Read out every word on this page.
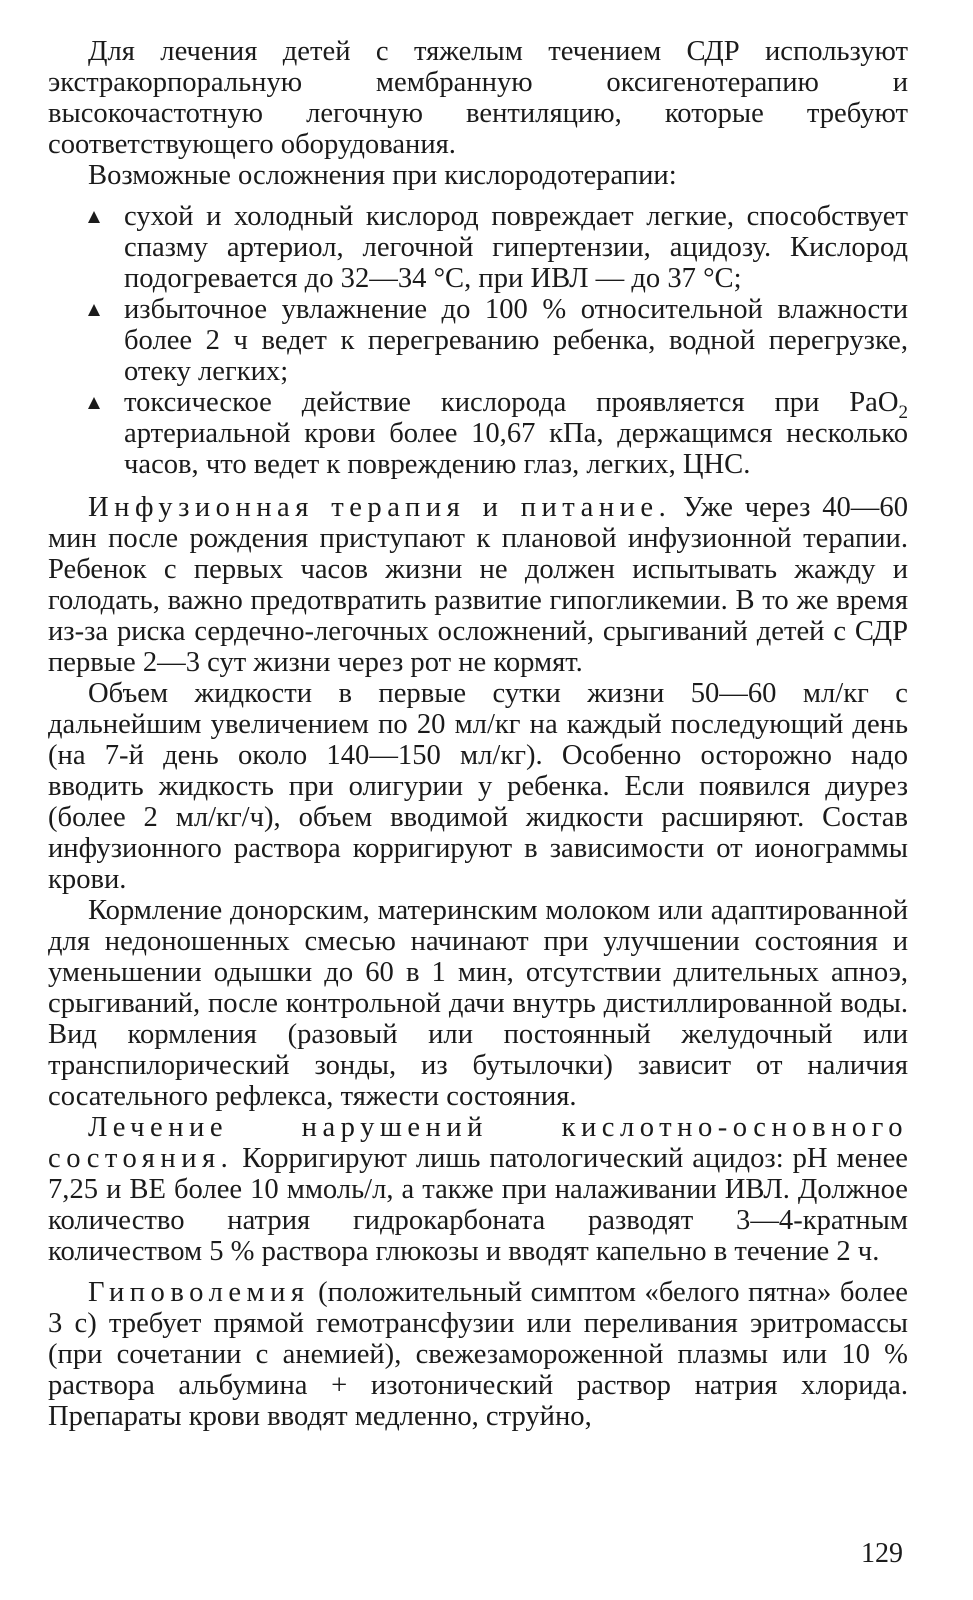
Для лечения детей с тяжелым течением СДР используют экстракорпоральную мембранную оксигенотерапию и высокочастотную легочную вентиляцию, которые требуют соответствующего оборудования.

Возможные осложнения при кислородотерапии:

сухой и холодный кислород повреждает легкие, способствует спазму артериол, легочной гипертензии, ацидозу. Кислород подогревается до 32—34 °С, при ИВЛ — до 37 °С;
избыточное увлажнение до 100 % относительной влажности более 2 ч ведет к перегреванию ребенка, водной перегрузке, отеку легких;
токсическое действие кислорода проявляется при PaO$_2$ артериальной крови более 10,67 кПа, держащимся несколько часов, что ведет к повреждению глаз, легких, ЦНС.

Инфузионная терапия и питание. Уже через 40—60 мин после рождения приступают к плановой инфузионной терапии. Ребенок с первых часов жизни не должен испытывать жажду и голодать, важно предотвратить развитие гипогликемии. В то же время из-за риска сердечно-легочных осложнений, срыгиваний детей с СДР первые 2—3 сут жизни через рот не кормят.

Объем жидкости в первые сутки жизни 50—60 мл/кг с дальнейшим увеличением по 20 мл/кг на каждый последующий день (на 7-й день около 140—150 мл/кг). Особенно осторожно надо вводить жидкость при олигурии у ребенка. Если появился диурез (более 2 мл/кг/ч), объем вводимой жидкости расширяют. Состав инфузионного раствора корригируют в зависимости от ионограммы крови.

Кормление донорским, материнским молоком или адаптированной для недоношенных смесью начинают при улучшении состояния и уменьшении одышки до 60 в 1 мин, отсутствии длительных апноэ, срыгиваний, после контрольной дачи внутрь дистиллированной воды. Вид кормления (разовый или постоянный желудочный или транспилорический зонды, из бутылочки) зависит от наличия сосательного рефлекса, тяжести состояния.

Лечение нарушений кислотно-основного состояния. Корригируют лишь патологический ацидоз: pH менее 7,25 и ВЕ более 10 ммоль/л, а также при налаживании ИВЛ. Должное количество натрия гидрокарбоната разводят 3—4-кратным количеством 5 % раствора глюкозы и вводят капельно в течение 2 ч.

Гиповолемия (положительный симптом «белого пятна» более 3 с) требует прямой гемотрансфузии или переливания эритромассы (при сочетании с анемией), свежезамороженной плазмы или 10 % раствора альбумина + изотонический раствор натрия хлорида. Препараты крови вводят медленно, струйно,

129
